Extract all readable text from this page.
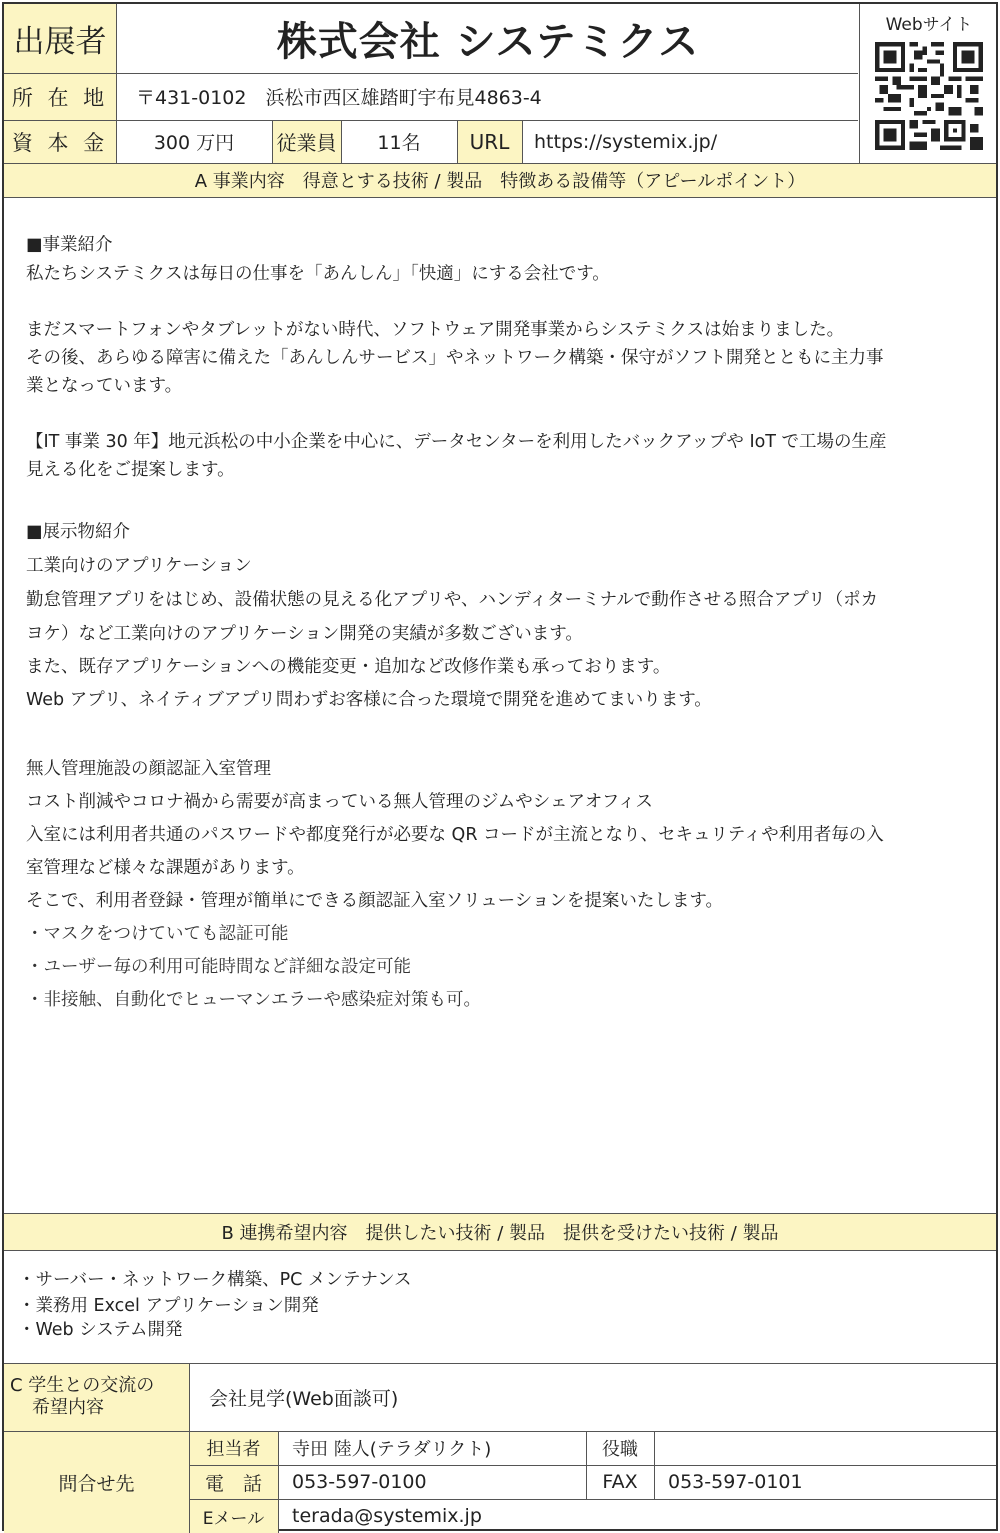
出展者	株式会社 システミクス	Webサイト
所 在 地	〒431-0102　浜松市西区雄踏町宇布見4863-4
資 本 金	300 万円	従業員	11名	URL	https://systemix.jp/
A 事業内容　得意とする技術 / 製品　特徴ある設備等（アピールポイント）
■事業紹介
私たちシステミクスは毎日の仕事を「あんしん」「快適」にする会社です。
まだスマートフォンやタブレットがない時代、ソフトウェア開発事業からシステミクスは始まりました。
その後、あらゆる障害に備えた「あんしんサービス」やネットワーク構築・保守がソフト開発とともに主力事
業となっています。
【IT 事業 30 年】地元浜松の中小企業を中心に、データセンターを利用したバックアップや IoT で工場の生産
見える化をご提案します。
■展示物紹介
工業向けのアプリケーション
勤怠管理アプリをはじめ、設備状態の見える化アプリや、ハンディターミナルで動作させる照合アプリ（ポカ
ヨケ）など工業向けのアプリケーション開発の実績が多数ございます。
また、既存アプリケーションへの機能変更・追加など改修作業も承っております。
Web アプリ、ネイティブアプリ問わずお客様に合った環境で開発を進めてまいります。
無人管理施設の顔認証入室管理
コスト削減やコロナ禍から需要が高まっている無人管理のジムやシェアオフィス
入室には利用者共通のパスワードや都度発行が必要な QR コードが主流となり、セキュリティや利用者毎の入
室管理など様々な課題があります。
そこで、利用者登録・管理が簡単にできる顔認証入室ソリューションを提案いたします。
・マスクをつけていても認証可能
・ユーザー毎の利用可能時間など詳細な設定可能
・非接触、自動化でヒューマンエラーや感染症対策も可。
B 連携希望内容　提供したい技術 / 製品　提供を受けたい技術 / 製品
・サーバー・ネットワーク構築、PC メンテナンス
・業務用 Excel アプリケーション開発
・Web システム開発
C 学生との交流の
希望内容	会社見学(Web面談可)
問合せ先
担当者	寺田 陸人(テラダリクト)	役職
電　話	053-597-0100	FAX	053-597-0101
Eメール	terada@systemix.jp
